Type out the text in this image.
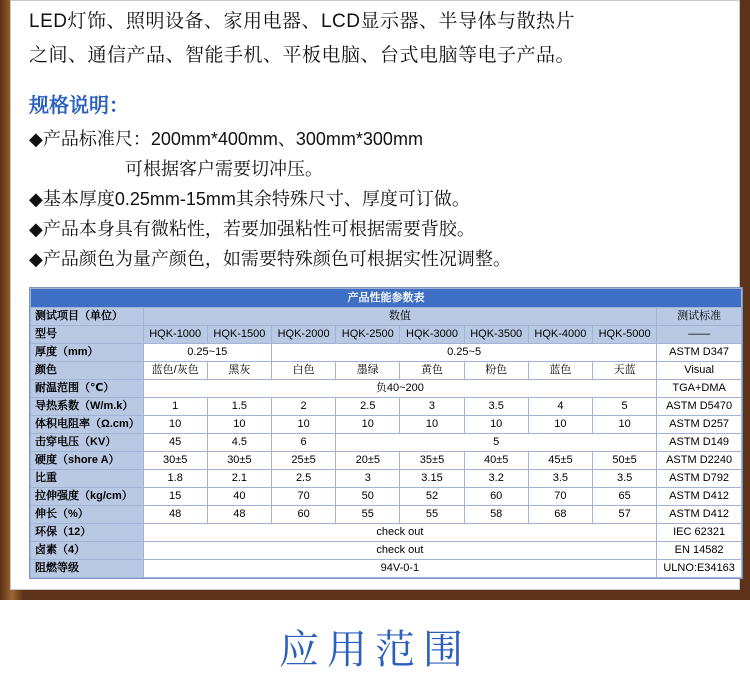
LED灯饰、照明设备、家用电器、LCD显示器、半导体与散热片
之间、通信产品、智能手机、平板电脑、台式电脑等电子产品。
规格说明：
◆产品标准尺：200mm*400mm、300mm*300mm
可根据客户需要切冲压。
◆基本厚度0.25mm-15mm其余特殊尺寸、厚度可订做。
◆产品本身具有微粘性，若要加强粘性可根据需要背胶。
◆产品颜色为量产颜色，如需要特殊颜色可根据实性况调整。
产品性能参数表									
测试项目（单位）	数值								测试标准
型号	HQK-1000	HQK-1500	HQK-2000	HQK-2500	HQK-3000	HQK-3500	HQK-4000	HQK-5000	——
厚度（mm）	0.25~15		0.25~5						ASTM D347
颜色	蓝色/灰色	黑灰	白色	墨绿	黄色	粉色	蓝色	天蓝	Visual
耐温范围（℃）	负40~200								TGA+DMA
导热系数（W/m.k）	1	1.5	2	2.5	3	3.5	4	5	ASTM D5470
体积电阻率（Ω.cm）	10	10	10	10	10	10	10	10	ASTM D257
击穿电压（KV）	45	4.5	6	5					ASTM D149
硬度（shore A）	30±5	30±5	25±5	20±5	35±5	40±5	45±5	50±5	ASTM D2240
比重	1.8	2.1	2.5	3	3.15	3.2	3.5	3.5	ASTM D792
拉伸强度（kg/cm）	15	40	70	50	52	60	70	65	ASTM D412
伸长（%）	48	48	60	55	55	58	68	57	ASTM D412
环保（12）	check out								IEC 62321
卤素（4）	check out								EN 14582
阻燃等级	94V-0-1								ULNO:E34163
应用范围
